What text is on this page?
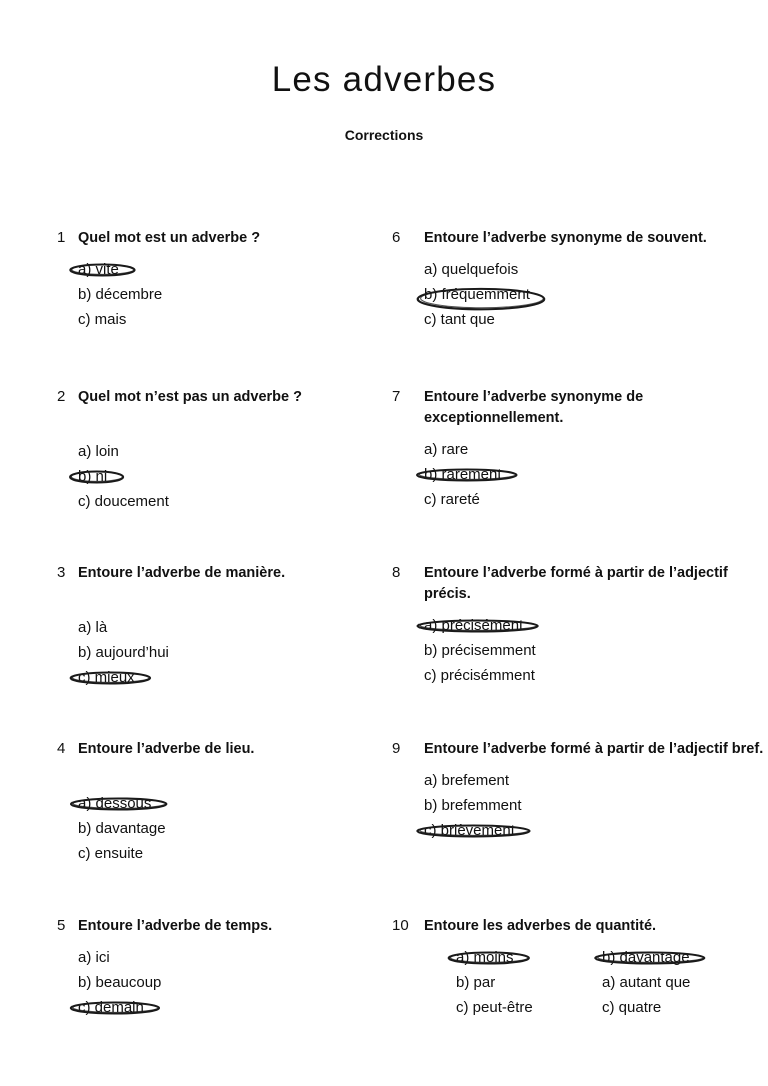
Les adverbes
Corrections
1 Quel mot est un adverbe ?
a) vite
b) décembre
c) mais
2 Quel mot n’est pas un adverbe ?
a) loin
b) ni
c) doucement
3 Entoure l’adverbe de manière.
a) là
b) aujourd’hui
c) mieux
4 Entoure l’adverbe de lieu.
a) dessous
b) davantage
c) ensuite
5 Entoure l’adverbe de temps.
a) ici
b) beaucoup
c) demain
6	Entoure l’adverbe synonyme de souvent.
a) quelquefois
b) fréquemment
c) tant que
7	Entoure l’adverbe synonyme de exceptionnellement.
a) rare
b) rarement
c) rareté
8	Entoure l’adverbe formé à partir de l’adjectif précis.
a) précisément
b) précisemment
c) précisémment
9	Entoure l’adverbe formé à partir de l’adjectif bref.
a) brefement
b) brefemment
c) brièvement
10	Entoure les adverbes de quantité.
a) moins
b) par
c) peut-être
b) davantage
a) autant que
c) quatre
